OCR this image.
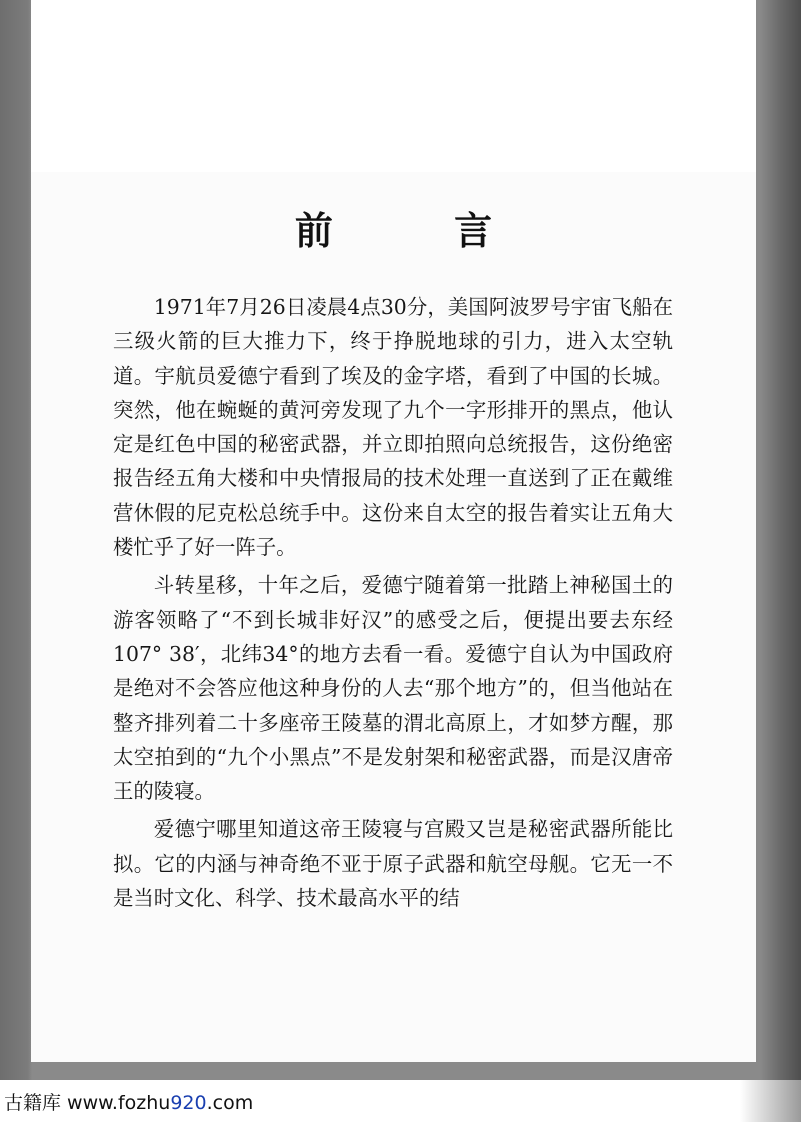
前 言

1971年7月26日凌晨4点30分，美国阿波罗号宇宙飞船在三级火箭的巨大推力下，终于挣脱地球的引力，进入太空轨道。宇航员爱德宁看到了埃及的金字塔，看到了中国的长城。突然，他在蜿蜒的黄河旁发现了九个一字形排开的黑点，他认定是红色中国的秘密武器，并立即拍照向总统报告，这份绝密报告经五角大楼和中央情报局的技术处理一直送到了正在戴维营休假的尼克松总统手中。这份来自太空的报告着实让五角大楼忙乎了好一阵子。

斗转星移，十年之后，爱德宁随着第一批踏上神秘国土的游客领略了“不到长城非好汉”的感受之后，便提出要去东经107° 38′，北纬34°的地方去看一看。爱德宁自认为中国政府是绝对不会答应他这种身份的人去“那个地方”的，但当他站在整齐排列着二十多座帝王陵墓的渭北高原上，才如梦方醒，那太空拍到的“九个小黑点”不是发射架和秘密武器，而是汉唐帝王的陵寝。

爱德宁哪里知道这帝王陵寝与宫殿又岂是秘密武器所能比拟。它的内涵与神奇绝不亚于原子武器和航空母舰。它无一不是当时文化、科学、技术最高水平的结

古籍库 www.fozhu920.com
